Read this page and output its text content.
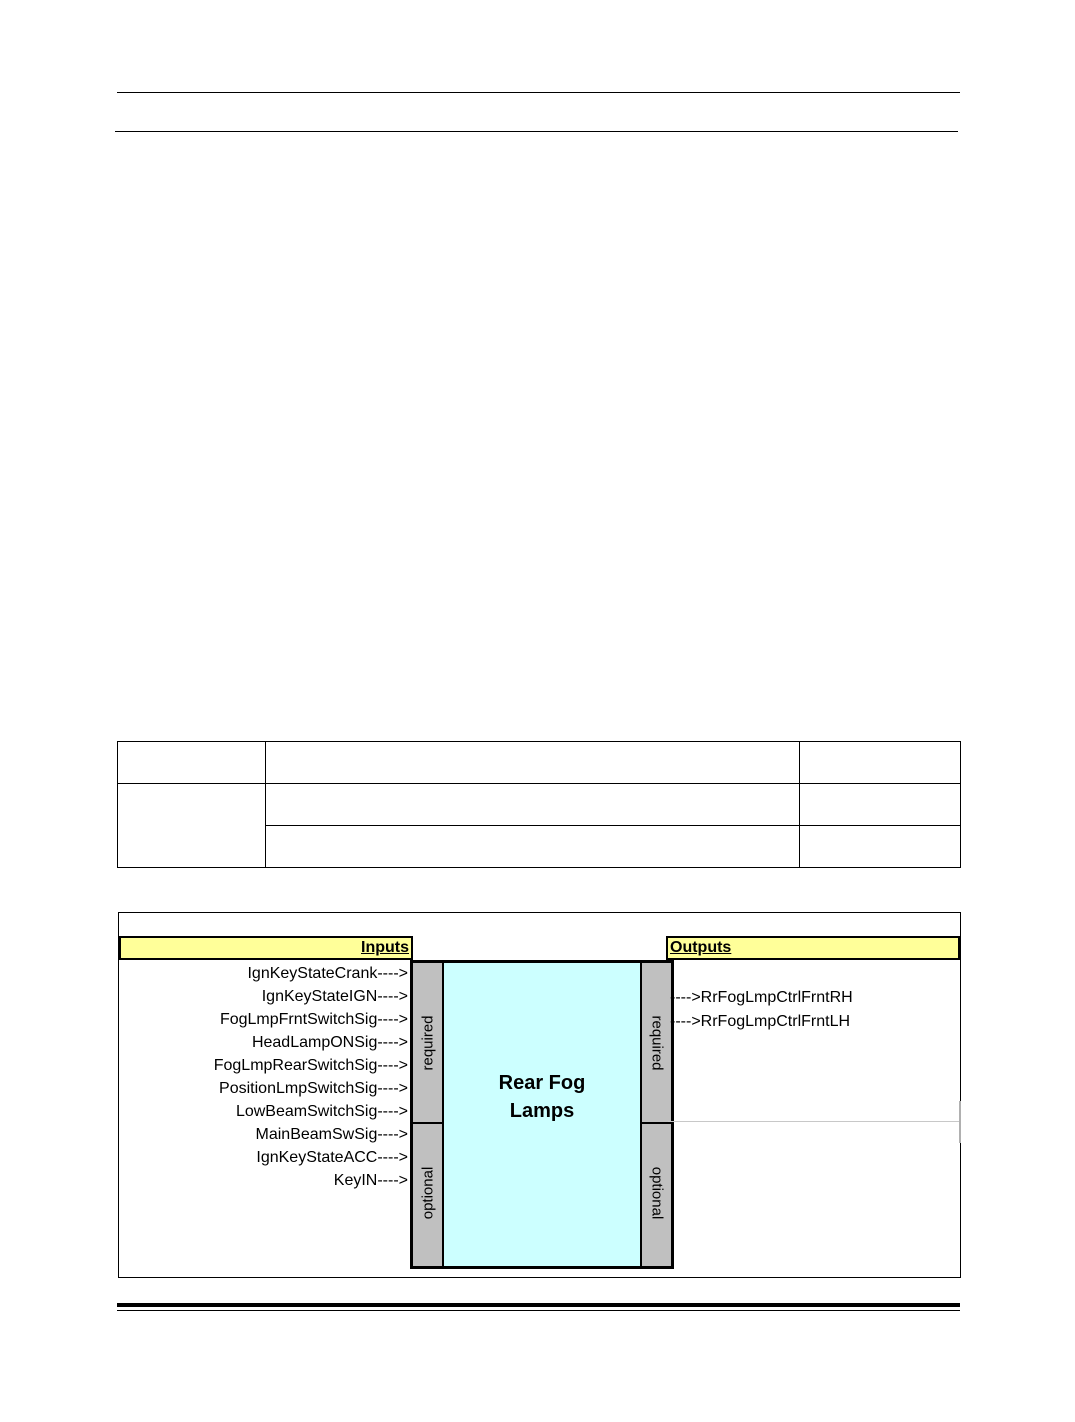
Inputs	Outputs
IgnKeyStateCrank---->
IgnKeyStateIGN---->
FogLmpFrntSwitchSig---->
HeadLampONSig---->
FogLmpRearSwitchSig---->
PositionLmpSwitchSig---->
LowBeamSwitchSig---->
MainBeamSwSig---->
IgnKeyStateACC---->
KeyIN---->
required
optional
Rear Fog
Lamps
required
optional
---->RrFogLmpCtrlFrntRH
---->RrFogLmpCtrlFrntLH
